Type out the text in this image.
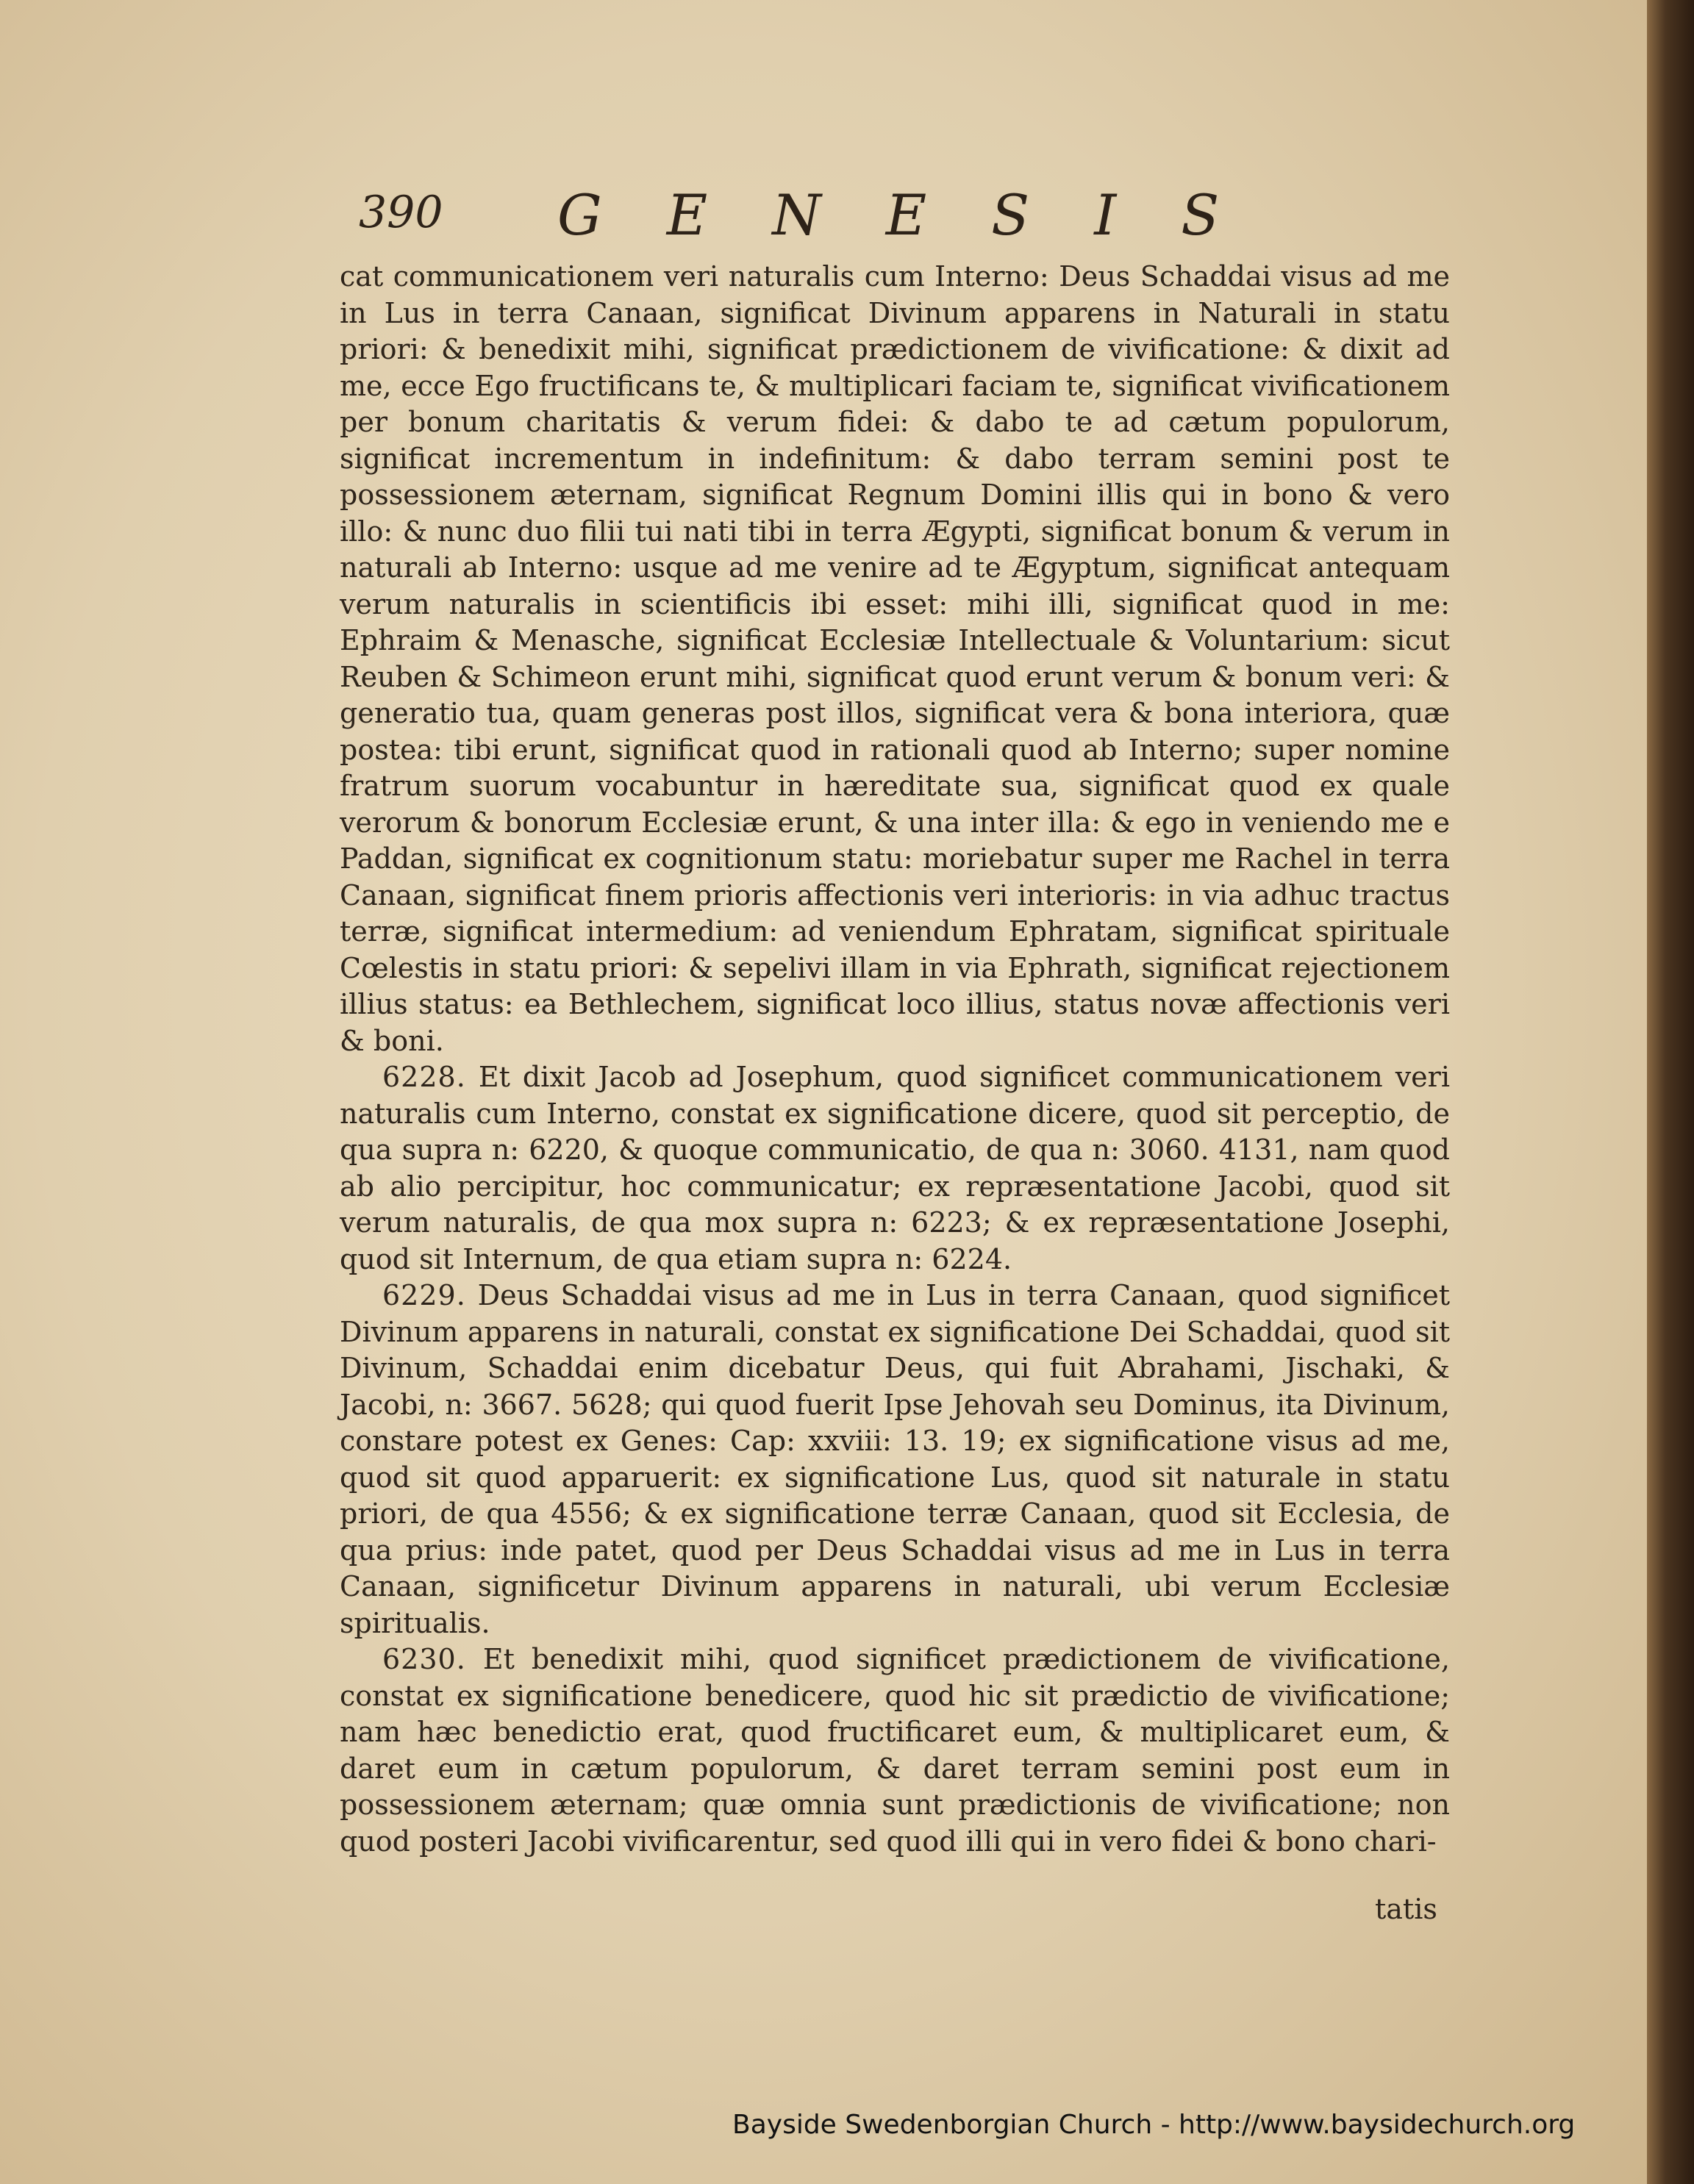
390 GENESIS

cat communicationem veri naturalis cum Interno: Deus Schaddai visus ad me in Lus in terra Canaan, significat Divinum apparens in Naturali in statu priori: & benedixit mihi, significat prædictionem de vivificatione: & dixit ad me, ecce Ego fructificans te, & multiplicari faciam te, significat vivificationem per bonum charitatis & verum fidei: & dabo te ad cætum populorum, significat incrementum in indefinitum: & dabo terram semini post te possessionem æternam, significat Regnum Domini illis qui in bono & vero illo: & nunc duo filii tui nati tibi in terra Ægypti, significat bonum & verum in naturali ab Interno: usque ad me venire ad te Ægyptum, significat antequam verum naturalis in scientificis ibi esset: mihi illi, significat quod in me: Ephraim & Menasche, significat Ecclesiæ Intellectuale & Voluntarium: sicut Reuben & Schimeon erunt mihi, significat quod erunt verum & bonum veri: & generatio tua, quam generas post illos, significat vera & bona interiora, quæ postea: tibi erunt, significat quod in rationali quod ab Interno; super nomine fratrum suorum vocabuntur in hæreditate sua, significat quod ex quale verorum & bonorum Ecclesiæ erunt, & una inter illa: & ego in veniendo me e Paddan, significat ex cognitionum statu: moriebatur super me Rachel in terra Canaan, significat finem prioris affectionis veri interioris: in via adhuc tractus terræ, significat intermedium: ad veniendum Ephratam, significat spirituale Cœlestis in statu priori: & sepelivi illam in via Ephrath, significat rejectionem illius status: ea Bethlechem, significat loco illius, status novæ affectionis veri & boni.

6228. Et dixit Jacob ad Josephum, quod significet communicationem veri naturalis cum Interno, constat ex significatione dicere, quod sit perceptio, de qua supra n: 6220, & quoque communicatio, de qua n: 3060. 4131, nam quod ab alio percipitur, hoc communicatur; ex repræsentatione Jacobi, quod sit verum naturalis, de qua mox supra n: 6223; & ex repræsentatione Josephi, quod sit Internum, de qua etiam supra n: 6224.

6229. Deus Schaddai visus ad me in Lus in terra Canaan, quod significet Divinum apparens in naturali, constat ex significatione Dei Schaddai, quod sit Divinum, Schaddai enim dicebatur Deus, qui fuit Abrahami, Jischaki, & Jacobi, n: 3667. 5628; qui quod fuerit Ipse Jehovah seu Dominus, ita Divinum, constare potest ex Genes: Cap: xxviii: 13. 19; ex significatione visus ad me, quod sit quod apparuerit: ex significatione Lus, quod sit naturale in statu priori, de qua 4556; & ex significatione terræ Canaan, quod sit Ecclesia, de qua prius: inde patet, quod per Deus Schaddai visus ad me in Lus in terra Canaan, significetur Divinum apparens in naturali, ubi verum Ecclesiæ spiritualis.

6230. Et benedixit mihi, quod significet prædictionem de vivificatione, constat ex significatione benedicere, quod hic sit prædictio de vivificatione; nam hæc benedictio erat, quod fructificaret eum, & multiplicaret eum, & daret eum in cætum populorum, & daret terram semini post eum in possessionem æternam; quæ omnia sunt prædictionis de vivificatione; non quod posteri Jacobi vivificarentur, sed quod illi qui in vero fidei & bono chari-

tatis
Bayside Swedenborgian Church - http://www.baysidechurch.org
